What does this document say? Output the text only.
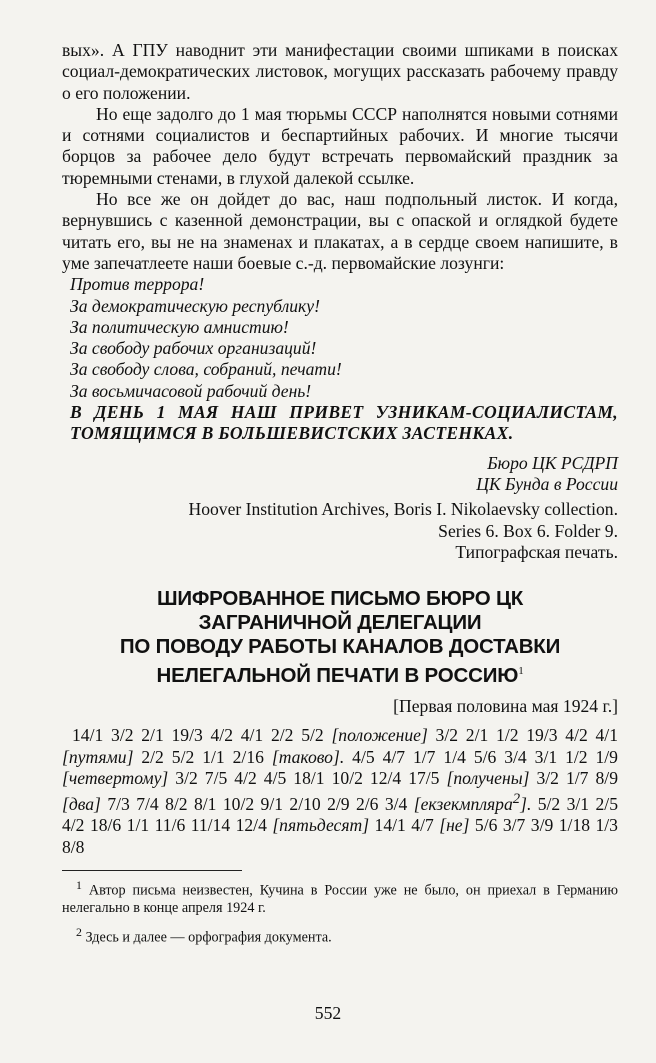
вых». А ГПУ наводнит эти манифестации своими шпиками в поисках социал-демократических листовок, могущих рассказать рабочему правду о его положении.

Но еще задолго до 1 мая тюрьмы СССР наполнятся новыми сотнями и сотнями социалистов и беспартийных рабочих. И многие тысячи борцов за рабочее дело будут встречать первомайский праздник за тюремными стенами, в глухой далекой ссылке.

Но все же он дойдет до вас, наш подпольный листок. И когда, вернувшись с казенной демонстрации, вы с опаской и оглядкой будете читать его, вы не на знаменах и плакатах, а в сердце своем напишите, в уме запечатлеете наши боевые с.-д. первомайские лозунги:

Против террора!
За демократическую республику!
За политическую амнистию!
За свободу рабочих организаций!
За свободу слова, собраний, печати!
За восьмичасовой рабочий день!
В ДЕНЬ 1 МАЯ НАШ ПРИВЕТ УЗНИКАМ-СОЦИАЛИСТАМ, ТОМЯЩИМСЯ В БОЛЬШЕВИСТСКИХ ЗАСТЕНКАХ.
Бюро ЦК РСДРП
ЦК Бунда в России
Hoover Institution Archives, Boris I. Nikolaevsky collection.
Series 6. Box 6. Folder 9.
Типографская печать.
ШИФРОВАННОЕ ПИСЬМО БЮРО ЦК
ЗАГРАНИЧНОЙ ДЕЛЕГАЦИИ
ПО ПОВОДУ РАБОТЫ КАНАЛОВ ДОСТАВКИ
НЕЛЕГАЛЬНОЙ ПЕЧАТИ В РОССИЮ$^1$
[Первая половина мая 1924 г.]
14/1 3/2 2/1 19/3 4/2 4/1 2/2 5/2 [положение] 3/2 2/1 1/2 19/3 4/2 4/1 [путями] 2/2 5/2 1/1 2/16 [таково]. 4/5 4/7 1/7 1/4 5/6 3/4 3/1 1/2 1/9 [четвертому] 3/2 7/5 4/2 4/5 18/1 10/2 12/4 17/5 [получены] 3/2 1/7 8/9 [два] 7/3 7/4 8/2 8/1 10/2 9/1 2/10 2/9 2/6 3/4 [екзекмпляра$^2$]. 5/2 3/1 2/5 4/2 18/6 1/1 11/6 11/14 12/4 [пятьдесят] 14/1 4/7 [не] 5/6 3/7 3/9 1/18 1/3 8/8
$^1$ Автор письма неизвестен, Кучина в России уже не было, он приехал в Германию нелегально в конце апреля 1924 г.
$^2$ Здесь и далее — орфография документа.
552
